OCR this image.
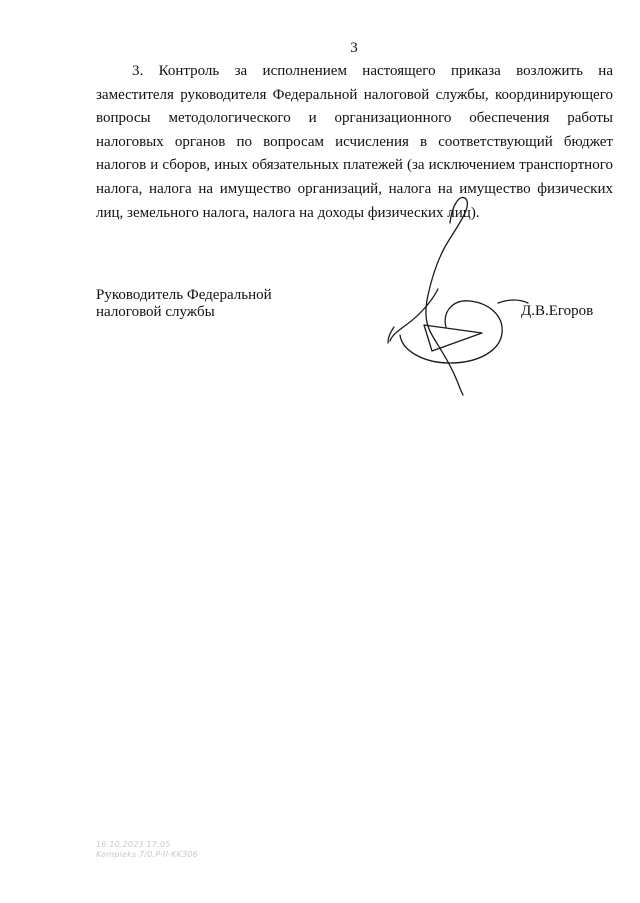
3

3. Контроль за исполнением настоящего приказа возложить на заместителя руководителя Федеральной налоговой службы, координирующего вопросы методологического и организационного обеспечения работы налоговых органов по вопросам исчисления в соответствующий бюджет налогов и сборов, иных обязательных платежей (за исключением транспортного налога, налога на имущество организаций, налога на имущество физических лиц, земельного налога, налога на доходы физических лиц).

Руководитель Федеральной
налоговой службы	Д.В.Егоров
16.10.2023 17:05
Kompleks 7/0.P-II-KKЗ06
